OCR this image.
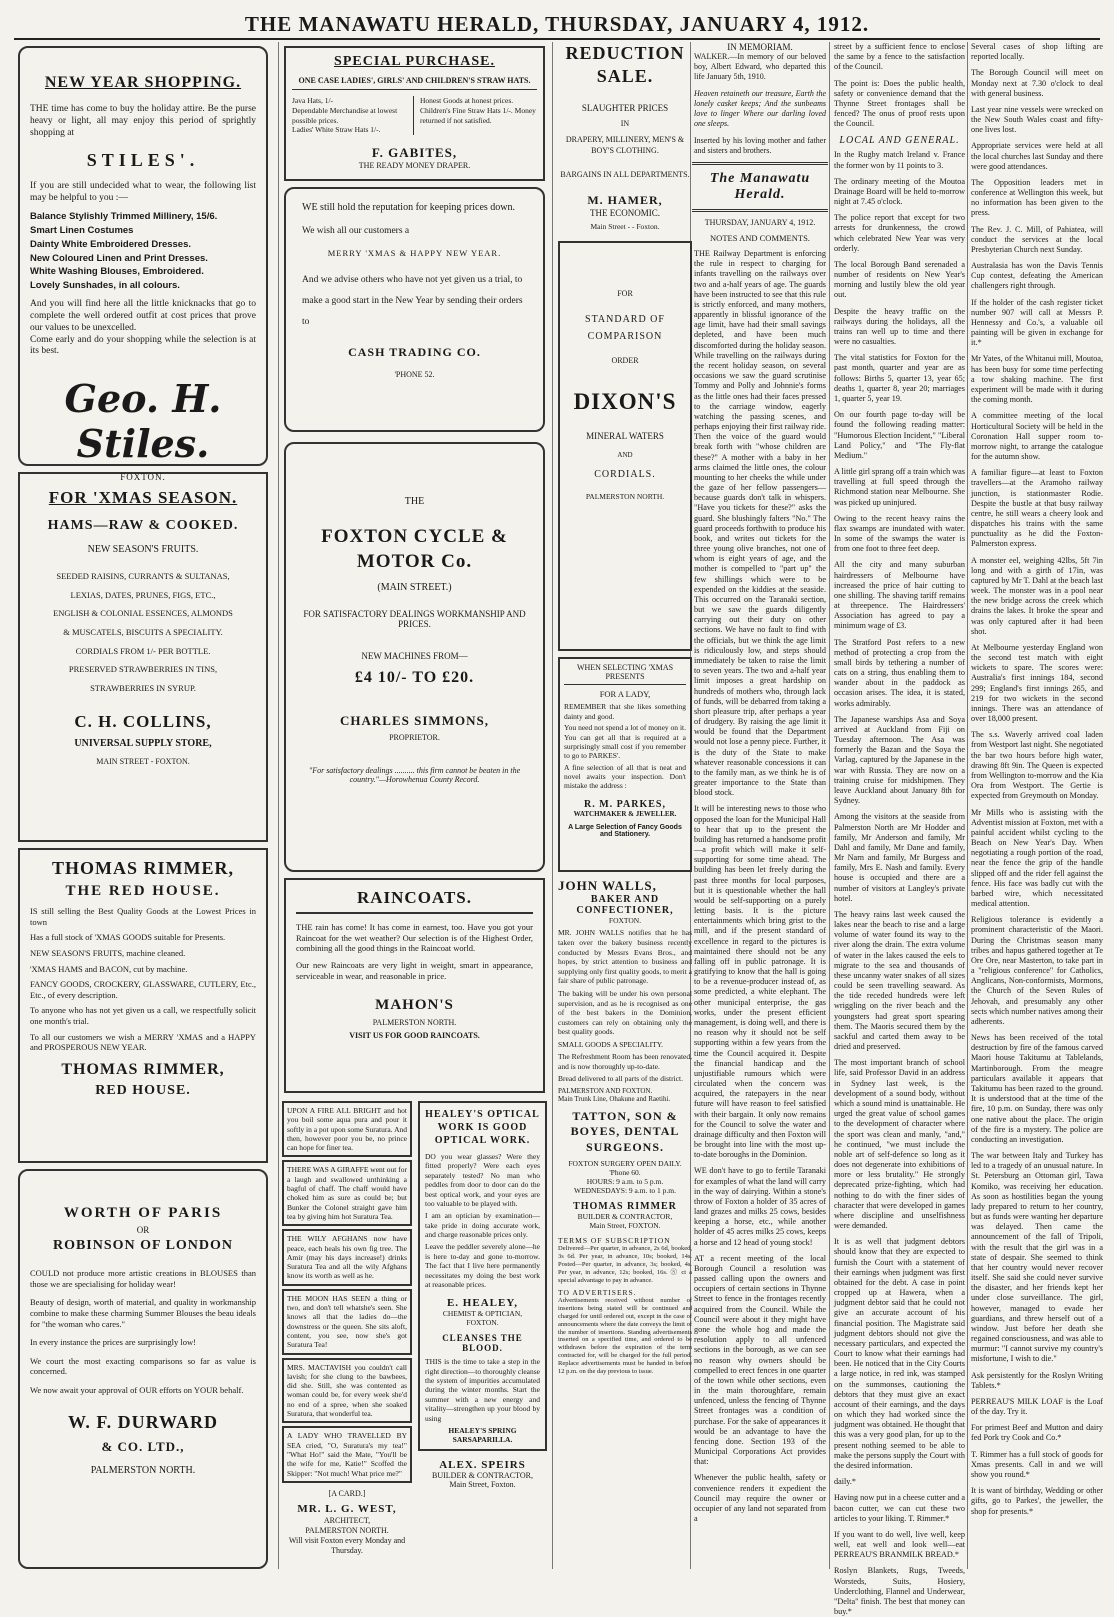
THE MANAWATU HERALD, THURSDAY, JANUARY 4, 1912.
NEW YEAR SHOPPING.
THE time has come to buy the holiday attire. Be the purse heavy or light, all may enjoy this period of sprightly shopping at
STILES'.
If you are still undecided what to wear, the following list may be helpful to you :—
Balance Stylishly Trimmed Millinery, 15/6.
Smart Linen Costumes
Dainty White Embroidered Dresses.
New Coloured Linen and Print Dresses.
White Washing Blouses, Embroidered.
Lovely Sunshades, in all colours.
And you will find here all the little knicknacks that go to complete the well ordered outfit at cost prices that prove our values to be unexcelled.
Come early and do your shopping while the selection is at its best.
Geo. H. Stiles.
FOXTON.
FOR 'XMAS SEASON.
HAMS—RAW & COOKED.
NEW SEASON'S FRUITS.
SEEDED RAISINS, CURRANTS & SULTANAS,
LEXIAS, DATES, PRUNES, FIGS, ETC.,
ENGLISH & COLONIAL ESSENCES, ALMONDS
& MUSCATELS, BISCUITS A SPECIALITY.
CORDIALS FROM 1/- PER BOTTLE.
PRESERVED STRAWBERRIES IN TINS,
STRAWBERRIES IN SYRUP.
C. H. COLLINS,
UNIVERSAL SUPPLY STORE,
MAIN STREET - FOXTON.
THOMAS RIMMER,
THE RED HOUSE.
IS still selling the Best Quality Goods at the Lowest Prices in town
Has a full stock of 'XMAS GOODS suitable for Presents.
NEW SEASON'S FRUITS, machine cleaned.
'XMAS HAMS and BACON, cut by machine.
FANCY GOODS, CROCKERY, GLASSWARE, CUTLERY, Etc., Etc., of every description.
To anyone who has not yet given us a call, we respectfully solicit one month's trial.
To all our customers we wish a MERRY 'XMAS and a HAPPY and PROSPEROUS NEW YEAR.
THOMAS RIMMER,
RED HOUSE.
WORTH OF PARIS
OR
ROBINSON OF LONDON
COULD not produce more artistic creations in BLOUSES than those we are specialising for holiday wear!
Beauty of design, worth of material, and quality in workmanship combine to make these charming Summer Blouses the beau ideals for "the woman who cares."
In every instance the prices are surprisingly low!
We court the most exacting comparisons so far as value is concerned.
We now await your approval of OUR efforts on YOUR behalf.
W. F. DURWARD
& CO. LTD.,
PALMERSTON NORTH.
SPECIAL PURCHASE.
ONE CASE LADIES', GIRLS' AND CHILDREN'S STRAW HATS.
Java Hats, 1/-
Dependable Merchandise at lowest possible prices.
Ladies' White Straw Hats 1/-.
Honest Goods at honest prices. Children's Fine Straw Hats 1/-. Money returned if not satisfied.
F. GABITES,
THE READY MONEY DRAPER.
WE still hold the reputation for keeping prices down.
We wish all our customers a
MERRY 'XMAS & HAPPY NEW YEAR.
And we advise others who have not yet given us a trial, to make a good start in the New Year by sending their orders to
CASH TRADING CO.
'PHONE 52.
THE
FOXTON CYCLE & MOTOR Co.
(MAIN STREET.)
FOR SATISFACTORY DEALINGS WORKMANSHIP AND PRICES.
NEW MACHINES FROM—
£4 10/- TO £20.
CHARLES SIMMONS,
PROPRIETOR.
"For satisfactory dealings .......... this firm cannot be beaten in the country."—Horowhenua County Record.
RAINCOATS.
THE rain has come! It has come in earnest, too. Have you got your Raincoat for the wet weather? Our selection is of the Highest Order, combining all the good things in the Raincoat world.
Our new Raincoats are very light in weight, smart in appearance, serviceable in wear, and reasonable in price.
MAHON'S
PALMERSTON NORTH.
VISIT US FOR GOOD RAINCOATS.
UPON A FIRE ALL BRIGHT and hot you boil some aqua pura and pour it softly in a pot upon some Suratura. And then, however poor you be, no prince can hope for finer tea.
THERE WAS A GIRAFFE went out for a laugh and swallowed unthinking a bagful of chaff. The chaff would have choked him as sure as could be; but Bunker the Colonel straight gave him tea by giving him hot Suratura Tea.
THE WILY AFGHANS now have peace, each heals his own fig tree. The Amir (may his days increase!) drinks Suratura Tea and all the wily Afghans know its worth as well as he.
THE MOON HAS SEEN a thing or two, and don't tell whatshe's seen. She knows all that the ladies do—the downstress or the queen. She sits aloft, content, you see, now she's got Suratura Tea!
MRS. MACTAVISH you couldn't call lavish; for she clung to the bawbees, did she. Still, she was contented as woman could be, for every week she'd no end of a spree, when she soaked Suratura, that wonderful tea.
A LADY WHO TRAVELLED BY SEA cried, "O, Suratura's my tea!" "What Ho!" said the Mate, "You'll be the wife for me, Katie!" Scoffed the Skipper: "Not much! What price me?"
[A CARD.]
MR. L. G. WEST,
ARCHITECT,
PALMERSTON NORTH.
Will visit Foxton every Monday and Thursday.
HEALEY'S OPTICAL WORK IS GOOD OPTICAL WORK.
DO you wear glasses? Were they fitted properly? Were each eyes separately tested? No man who peddles from door to door can do the best optical work, and your eyes are too valuable to be played with.
I am an optician by examination—take pride in doing accurate work, and charge reasonable prices only.
Leave the peddler severely alone—he is here to-day and gone to-morrow. The fact that I live here permanently necessitates my doing the best work at reasonable prices.
E. HEALEY,
CHEMIST & OPTICIAN,
FOXTON.
CLEANSES THE BLOOD.
THIS is the time to take a step in the right direction—to thoroughly cleanse the system of impurities accumulated during the winter months. Start the summer with a new energy and vitality—strengthen up your blood by using
HEALEY'S SPRING SARSAPARILLA.
ALEX. SPEIRS
BUILDER & CONTRACTOR,
Main Street, Foxton.
REDUCTION SALE.
SLAUGHTER PRICES
IN
DRAPERY, MILLINERY, MEN'S & BOY'S CLOTHING.
BARGAINS IN ALL DEPARTMENTS.
M. HAMER,
THE ECONOMIC.
Main Street - - Foxton.
FOR
STANDARD OF
COMPARISON
ORDER
DIXON'S
MINERAL WATERS
AND
CORDIALS.
PALMERSTON NORTH.
WHEN SELECTING 'XMAS PRESENTS
FOR A LADY,
REMEMBER that she likes something dainty and good.
You need not spend a lot of money on it. You can get all that is required at a surprisingly small cost if you remember to go to PARKES'.
A fine selection of all that is neat and novel awaits your inspection. Don't mistake the address :
R. M. PARKES,
WATCHMAKER & JEWELLER.
A Large Selection of Fancy Goods and Stationery.
JOHN WALLS,
BAKER AND CONFECTIONER,
FOXTON.
MR. JOHN WALLS notifies that he has taken over the bakery business recently conducted by Messrs Evans Bros., and hopes, by strict attention to business and supplying only first quality goods, to merit a fair share of public patronage.
The baking will be under his own personal supervision, and as he is recognised as one of the best bakers in the Dominion, customers can rely on obtaining only the best quality goods.
SMALL GOODS A SPECIALITY.
The Refreshment Room has been renovated, and is now thoroughly up-to-date.
Bread delivered to all parts of the district.
PALMERSTON AND FOXTON.
Main Trunk Line, Ohakune and Raetihi.
TATTON, SON & BOYES, DENTAL SURGEONS.
FOXTON SURGERY OPEN DAILY.
'Phone 60.
HOURS: 9 a.m. to 5 p.m.
WEDNESDAYS: 9 a.m. to 1 p.m.
THOMAS RIMMER
BUILDER & CONTRACTOR,
Main Street, FOXTON.
TERMS OF SUBSCRIPTION
Delivered—Per quarter, in advance, 2s 6d, booked, 3s 6d. Per year, in advance, 10s; booked, 14s. Posted—Per quarter, in advance, 3s; booked, 4s. Per year, in advance, 12s; booked, 16s. Ⓢ ct a special advantage to pay in advance.
TO ADVERTISERS.
Advertisements received without number of insertions being stated will be continued and charged for until ordered out, except in the case of announcements where the date conveys the limit of the number of insertions. Standing advertisements inserted on a specified time, and ordered to be withdrawn before the expiration of the term contracted for, will be charged for the full period. Replace advertisements must be handed in before 12 p.m. on the day previous to issue.
IN MEMORIAM.
WALKER.—In memory of our beloved boy, Albert Edward, who departed this life January 5th, 1910.
Heaven retaineth our treasure, Earth the lonely casket keeps; And the sunbeams love to linger Where our darling loved one sleeps.
Inserted by his loving mother and father and sisters and brothers.
The Manawatu Herald.
THURSDAY, JANUARY 4, 1912.
NOTES AND COMMENTS.
THE Railway Department is enforcing the rule in respect to charging for infants travelling on the railways over two and a-half years of age. The guards have been instructed to see that this rule is strictly enforced, and many mothers, apparently in blissful ignorance of the age limit, have had their small savings depleted, and have been much discomforted during the holiday season. While travelling on the railways during the recent holiday season, on several occasions we saw the guard scrutinise Tommy and Polly and Johnnie's forms as the little ones had their faces pressed to the carriage window, eagerly watching the passing scenes, and perhaps enjoying their first railway ride. Then the voice of the guard would break forth with "whose children are these?" A mother with a baby in her arms claimed the little ones, the colour mounting to her cheeks the while under the gaze of her fellow passengers—because guards don't talk in whispers. "Have you tickets for these?" asks the guard. She blushingly falters "No." The guard proceeds forthwith to produce his book, and writes out tickets for the three young olive branches, not one of whom is eight years of age, and the mother is compelled to "part up" the few shillings which were to be expended on the kiddies at the seaside. This occurred on the Taranaki section, but we saw the guards diligently carrying out their duty on other sections. We have no fault to find with the officials, but we think the age limit is ridiculously low, and steps should immediately be taken to raise the limit to seven years. The two and a-half year limit imposes a great hardship on hundreds of mothers who, through lack of funds, will be debarred from taking a short pleasure trip, after perhaps a year of drudgery. By raising the age limit it would be found that the Department would not lose a penny piece. Further, it is the duty of the State to make whatever reasonable concessions it can to the family man, as we think he is of greater importance to the State than blood stock.
It will be interesting news to those who opposed the loan for the Municipal Hall to hear that up to the present the building has returned a handsome profit—a profit which will make it self-supporting for some time ahead. The building has been let freely during the past three months for local purposes, but it is questionable whether the hall would be self-supporting on a purely letting basis. It is the picture entertainments which bring grist to the mill, and if the present standard of excellence in regard to the pictures is maintained there should not be any falling off in public patronage. It is gratifying to know that the hall is going to be a revenue-producer instead of, as some predicted, a white elephant. The other municipal enterprise, the gas works, under the present efficient management, is doing well, and there is no reason why it should not be self supporting within a few years from the time the Council acquired it. Despite the financial handicap and the unjustifiable rumours which were circulated when the concern was acquired, the ratepayers in the near future will have reason to feel satisfied with their bargain. It only now remains for the Council to solve the water and drainage difficulty and then Foxton will be brought into line with the most up-to-date boroughs in the Dominion.
WE don't have to go to fertile Taranaki for examples of what the land will carry in the way of dairying. Within a stone's throw of Foxton a holder of 35 acres of land grazes and milks 25 cows, besides keeping a horse, etc., while another holder of 45 acres milks 25 cows, keeps a horse and 12 head of young stock!
AT a recent meeting of the local Borough Council a resolution was passed calling upon the owners and occupiers of certain sections in Thynne Street to fence in the frontages recently acquired from the Council. While the Council were about it they might have gone the whole hog and made the resolution apply to all unfenced sections in the borough, as we can see no reason why owners should be compelled to erect fences in one quarter of the town while other sections, even in the main thoroughfare, remain unfenced, unless the fencing of Thynne Street frontages was a condition of purchase. For the sake of appearances it would be an advantage to have the fencing done. Section 193 of the Municipal Corporations Act provides that:
Whenever the public health, safety or convenience renders it expedient the Council may require the owner or occupier of any land not separated from a
street by a sufficient fence to enclose the same by a fence to the satisfaction of the Council.
The point is: Does the public health, safety or convenience demand that the Thynne Street frontages shall be fenced? The onus of proof rests upon the Council.
LOCAL AND GENERAL.
In the Rugby match Ireland v. France the former won by 11 points to 3.
The ordinary meeting of the Moutoa Drainage Board will be held to-morrow night at 7.45 o'clock.
The police report that except for two arrests for drunkenness, the crowd which celebrated New Year was very orderly.
The local Borough Band serenaded a number of residents on New Year's morning and lustily blew the old year out.
Despite the heavy traffic on the railways during the holidays, all the trains ran well up to time and there were no casualties.
The vital statistics for Foxton for the past month, quarter and year are as follows: Births 5, quarter 13, year 65; deaths 1, quarter 8, year 20; marriages 1, quarter 5, year 19.
On our fourth page to-day will be found the following reading matter: "Humorous Election Incident," "Liberal Land Policy," and "The Fly-flat Medium."
A little girl sprang off a train which was travelling at full speed through the Richmond station near Melbourne. She was picked up uninjured.
Owing to the recent heavy rains the flax swamps are inundated with water. In some of the swamps the water is from one foot to three feet deep.
All the city and many suburban hairdressers of Melbourne have increased the price of hair cutting to one shilling. The shaving tariff remains at threepence. The Hairdressers' Association has agreed to pay a minimum wage of £3.
The Stratford Post refers to a new method of protecting a crop from the small birds by tethering a number of cats on a string, thus enabling them to wander about in the paddock as occasion arises. The idea, it is stated, works admirably.
The Japanese warships Asa and Soya arrived at Auckland from Fiji on Tuesday afternoon. The Asa was formerly the Bazan and the Soya the Varlag, captured by the Japanese in the war with Russia. They are now on a training cruise for midshipmen. They leave Auckland about January 8th for Sydney.
Among the visitors at the seaside from Palmerston North are Mr Hodder and family, Mr Anderson and family, Mr Dahl and family, Mr Dane and family, Mr Narn and family, Mr Burgess and family, Mrs E. Nash and family. Every house is occupied and there are a number of visitors at Langley's private hotel.
The heavy rains last week caused the lakes near the beach to rise and a large volume of water found its way to the river along the drain. The extra volume of water in the lakes caused the eels to migrate to the sea and thousands of these uncanny water snakes of all sizes could be seen travelling seaward. As the tide receded hundreds were left wriggling on the river beach and the youngsters had great sport spearing them. The Maoris secured them by the sackful and carted them away to be dried and preserved.
The most important branch of school life, said Professor David in an address in Sydney last week, is the development of a sound body, without which a sound mind is unattainable. He urged the great value of school games to the development of character where the sport was clean and manly, "and," he continued, "we must include the noble art of self-defence so long as it does not degenerate into exhibitions of more or less brutality." He strongly deprecated prize-fighting, which had nothing to do with the finer sides of character that were developed in games where discipline and unselfishness were demanded.
It is as well that judgment debtors should know that they are expected to furnish the Court with a statement of their earnings when judgment was first obtained for the debt. A case in point cropped up at Hawera, when a judgment debtor said that he could not give an accurate account of his financial position. The Magistrate said judgment debtors should not give the necessary particulars, and expected the Court to know what their earnings had been. He noticed that in the City Courts a large notice, in red ink, was stamped on the summonses, cautioning the debtors that they must give an exact account of their earnings, and the days on which they had worked since the judgment was obtained. He thought that this was a very good plan, for up to the present nothing seemed to be able to make the persons supply the Court with the desired information.
daily.*
Having now put in a cheese cutter and a bacon cutter, we can cut these two articles to your liking. T. Rimmer.*
If you want to do well, live well, keep well, eat well and look well—eat PERREAU'S BRANMILK BREAD.*
Roslyn Blankets, Rugs, Tweeds, Worsteds, Suits, Hosiery, Underclothing, Flannel and Underwear, "Delta" finish. The best that money can buy.*
Several cases of shop lifting are reported locally.
The Borough Council will meet on Monday next at 7.30 o'clock to deal with general business.
Last year nine vessels were wrecked on the New South Wales coast and fifty-one lives lost.
Appropriate services were held at all the local churches last Sunday and there were good attendances.
The Opposition leaders met in conference at Wellington this week, but no information has been given to the press.
The Rev. J. C. Mill, of Pahiatea, will conduct the services at the local Presbyterian Church next Sunday.
Australasia has won the Davis Tennis Cup contest, defeating the American challengers right through.
If the holder of the cash register ticket number 907 will call at Messrs P. Hennessy and Co.'s, a valuable oil painting will be given in exchange for it.*
Mr Yates, of the Whitanui mill, Moutoa, has been busy for some time perfecting a tow shaking machine. The first experiment will be made with it during the coming month.
A committee meeting of the local Horticultural Society will be held in the Coronation Hall supper room to-morrow night, to arrange the catalogue for the autumn show.
A familiar figure—at least to Foxton travellers—at the Aramoho railway junction, is stationmaster Rodie. Despite the bustle at that busy railway centre, he still wears a cheery look and dispatches his trains with the same punctuality as he did the Foxton-Palmerston express.
A monster eel, weighing 42lbs, 5ft 7in long and with a girth of 17in, was captured by Mr T. Dahl at the beach last week. The monster was in a pool near the new bridge across the creek which drains the lakes. It broke the spear and was only captured after it had been shot.
At Melbourne yesterday England won the second test match with eight wickets to spare. The scores were: Australia's first innings 184, second 299; England's first innings 265, and 219 for two wickets in the second innings. There was an attendance of over 18,000 present.
The s.s. Waverly arrived coal laden from Westport last night. She negotiated the bar two hours before high water, drawing 8ft 9in. The Queen is expected from Wellington to-morrow and the Kia Ora from Westport. The Gertie is expected from Greymouth on Monday.
Mr Mills who is assisting with the Adventist mission at Foxton, met with a painful accident whilst cycling to the Beach on New Year's Day. When negotiating a rough portion of the road, near the fence the grip of the handle slipped off and the rider fell against the fence. His face was badly cut with the barbed wire, which necessitated medical attention.
Religious tolerance is evidently a prominent characteristic of the Maori. During the Christmas season many tribes and hapus gathered together at Te Ore Ore, near Masterton, to take part in a "religious conference" for Catholics, Anglicans, Non-conformists, Mormons, the Church of the Seven Rules of Jehovah, and presumably any other sects which number natives among their adherents.
News has been received of the total destruction by fire of the famous carved Maori house Takitumu at Tablelands, Martinborough. From the meagre particulars available it appears that Takitumu has been razed to the ground. It is understood that at the time of the fire, 10 p.m. on Sunday, there was only one native about the place. The origin of the fire is a mystery. The police are conducting an investigation.
The war between Italy and Turkey has led to a tragedy of an unusual nature. In St. Petersburg an Ottoman girl, Tawa Komiko, was receiving her education. As soon as hostilities began the young lady prepared to return to her country, but as funds were wanting her departure was delayed. Then came the announcement of the fall of Tripoli, with the result that the girl was in a state of despair. She seemed to think that her country would never recover itself. She said she could never survive the disaster, and her friends kept her under close surveillance. The girl, however, managed to evade her guardians, and threw herself out of a window. Just before her death she regained consciousness, and was able to murmur: "I cannot survive my country's misfortune, I wish to die."
Ask persistently for the Roslyn Writing Tablets.*
PERREAU'S MILK LOAF is the Loaf of the day. Try it.
For primest Beef and Mutton and dairy fed Pork try Cook and Co.*
T. Rimmer has a full stock of goods for Xmas presents. Call in and we will show you round.*
It is want of birthday, Wedding or other gifts, go to Parkes', the jeweller, the shop for presents.*
